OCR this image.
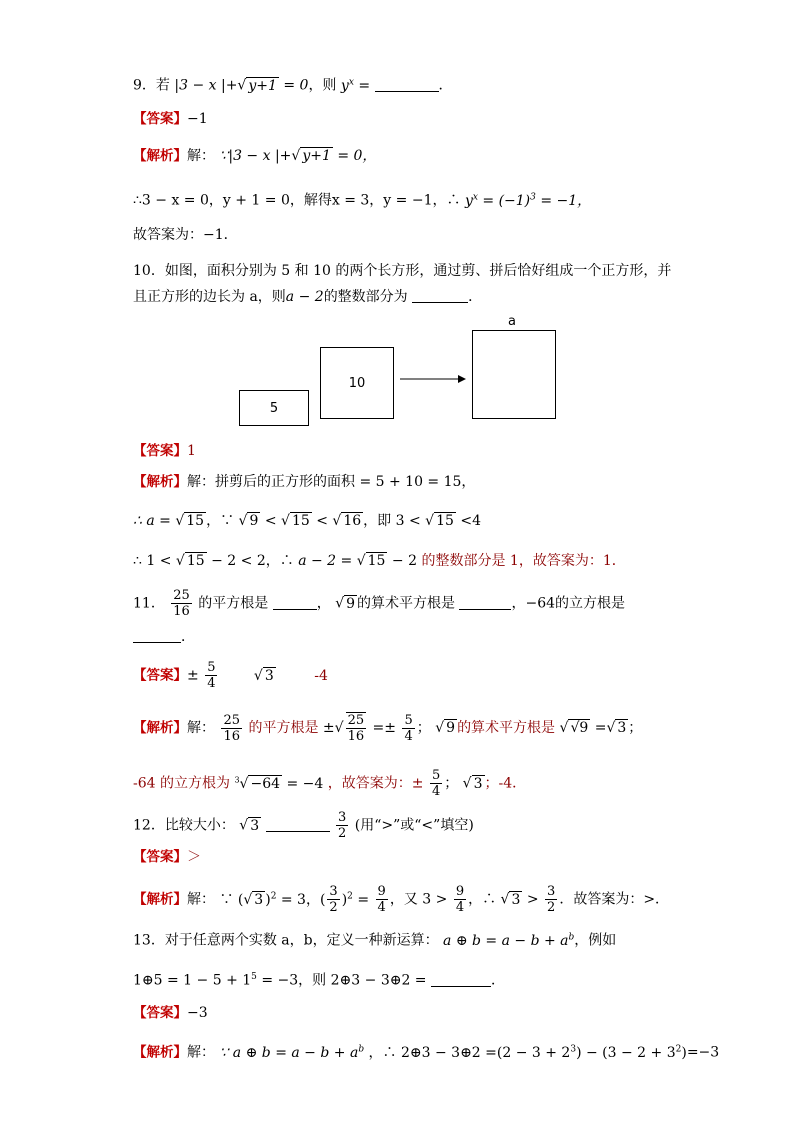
9．若 |3 − x |+√ y+1 = 0，则 $y^x$ =	．
【答案】−1
【解析】解： ∵|3 − x |+√ y+1 = 0，
∴3 − x = 0，y + 1 = 0，解得x = 3，y = −1，∴ $y^x = (-1)^3 = -1$，
故答案为：−1．
10．如图，面积分别为 5 和 10 的两个长方形，通过剪、拼后恰好组成一个正方形，并
且正方形的边长为 a，则a − 2的整数部分为	．
5
10
a
【答案】1
【解析】解：拼剪后的正方形的面积 = 5 + 10 = 15，
∴ a = √ 15 ，∵ √ 9 < √ 15 < √ 16 ，即 3 < √ 15 <4
∴ 1 < √ 15 − 2 < 2，∴ a − 2 = √ 15 − 2 的整数部分是 1，故答案为：1．
11． $\frac{25}{16}$ 的平方根是	， √ 9 的算术平方根是	，−64的立方根是
．
【答案】± $\frac{5}{4}$	√ 3	-4
【解析】解： $\frac{25}{16}$ 的平方根是 ±√ $\frac{25}{16} =\pm \frac{5}{4}$ ； √ 9 的算术平方根是 √ √9 =√ 3 ；
-64 的立方根为 $^3$√ −64 = −4 ，故答案为：± $\frac{5}{4}$ ； √ 3 ；-4．
12．比较大小： √ 3	$\frac{3}{2}$ (用“>”或“<”填空)
【答案】＞
【解析】解： ∵ (√ 3 )$^2$ = 3，( $\frac{3}{2} )^2 = \frac{9}{4}$ ，又 $3 > \frac{9}{4}$ ，∴ √ $3 > \frac{3}{2}$ ．故答案为：>．
13．对于任意两个实数 a，b，定义一种新运算： a ⊕ $b = a - b + a^b$，例如
1⊕5 = $1 - 5 + 1^5 = -3$，则 2⊕3 − 3⊕2 =	．
【答案】−3
【解析】解： ∵ a ⊕ $b = a - b + a^b$ ，∴ 2⊕3 − 3⊕2 $=(2 - 3 + 2^3) - (3 - 2 + 3^2)=-3$
